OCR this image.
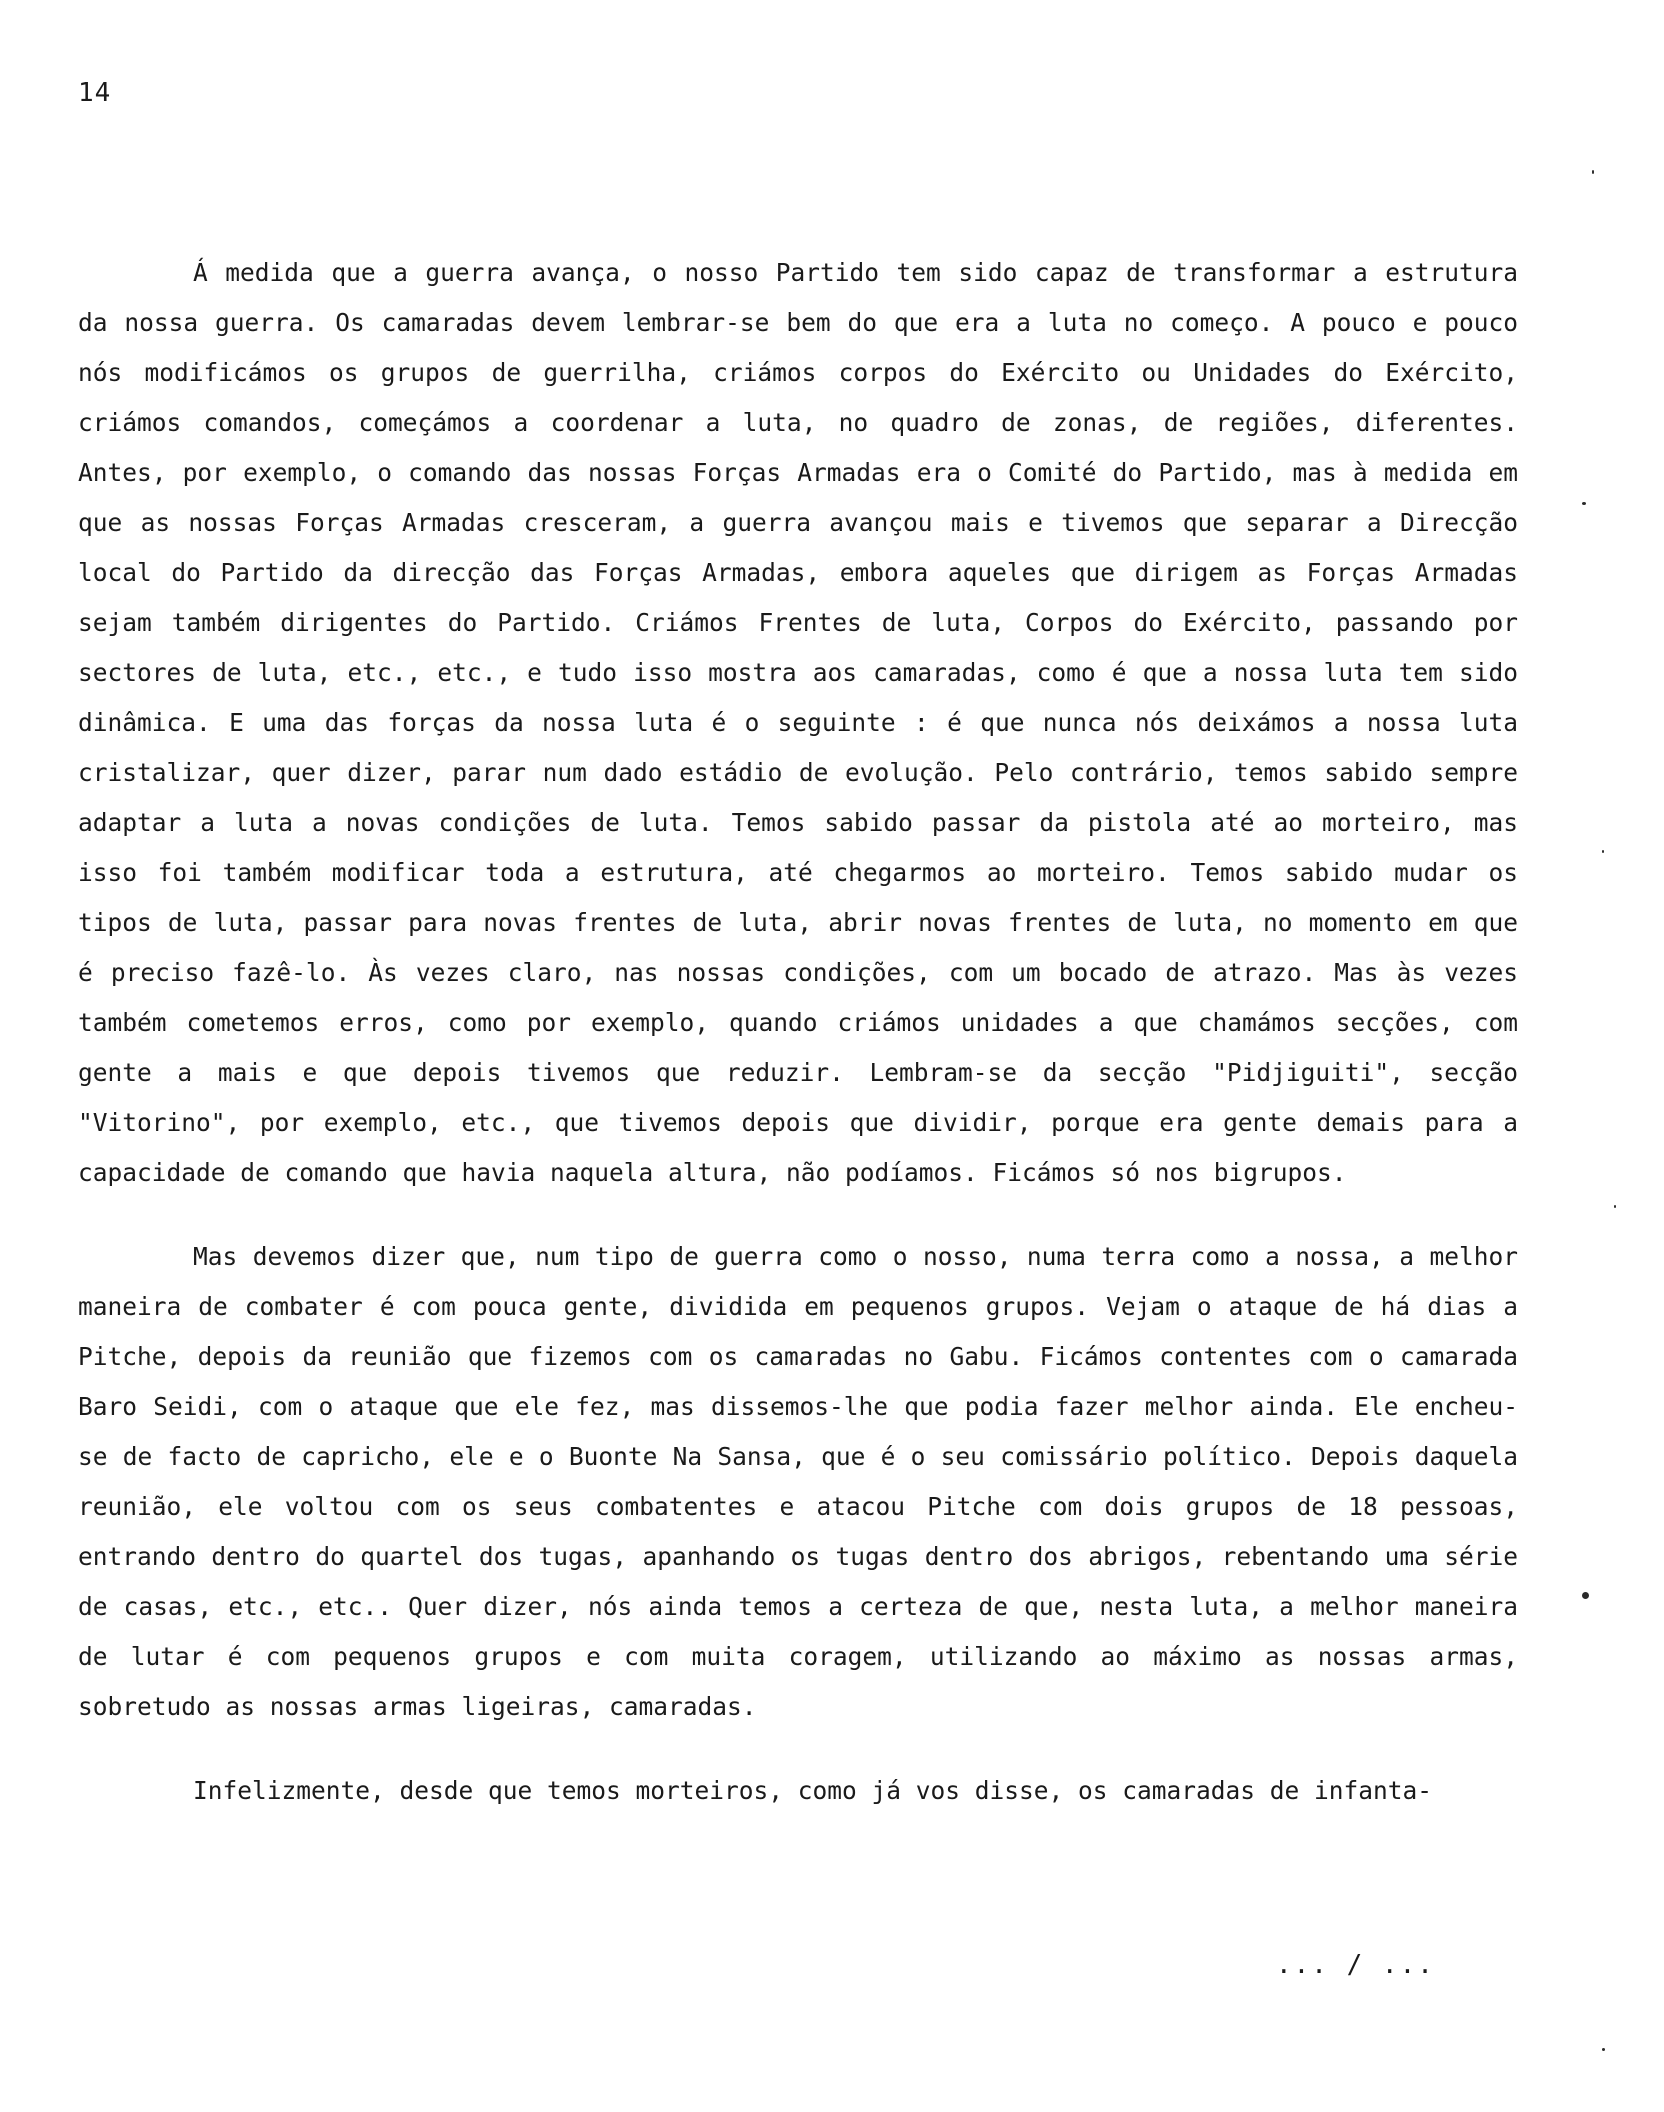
14

Á medida que a guerra avança, o nosso Partido tem sido capaz de transformar a estrutura da nossa guerra. Os camaradas devem lembrar-se bem do que era a luta no começo. A pouco e pouco nós modificámos os grupos de guerrilha, criámos corpos do Exército ou Unidades do Exército, criámos comandos, começámos a coordenar a luta, no quadro de zonas, de regiões, diferentes. Antes, por exemplo, o comando das nossas Forças Armadas era o Comité do Partido, mas à medida em que as nossas Forças Armadas cresceram, a guerra avançou mais e tivemos que separar a Direcção local do Partido da direcção das Forças Armadas, embora aqueles que dirigem as Forças Armadas sejam também dirigentes do Partido. Criámos Frentes de luta, Corpos do Exército, passando por sectores de luta, etc., etc., e tudo isso mostra aos camaradas, como é que a nossa luta tem sido dinâmica. E uma das forças da nossa luta é o seguinte : é que nunca nós deixámos a nossa luta cristalizar, quer dizer, parar num dado estádio de evolução. Pelo contrário, temos sabido sempre adaptar a luta a novas condições de luta. Temos sabido passar da pistola até ao morteiro, mas isso foi também modificar toda a estrutura, até chegarmos ao morteiro. Temos sabido mudar os tipos de luta, passar para novas frentes de luta, abrir novas frentes de luta, no momento em que é preciso fazê-lo. Às vezes claro, nas nossas condições, com um bocado de atrazo. Mas às vezes também cometemos erros, como por exemplo, quando criámos unidades a que chamámos secções, com gente a mais e que depois tivemos que reduzir. Lembram-se da secção "Pidjiguiti", secção "Vitorino", por exemplo, etc., que tivemos depois que dividir, porque era gente demais para a capacidade de comando que havia naquela altura, não podíamos. Ficámos só nos bigrupos.

Mas devemos dizer que, num tipo de guerra como o nosso, numa terra como a nossa, a melhor maneira de combater é com pouca gente, dividida em pequenos grupos. Vejam o ataque de há dias a Pitche, depois da reunião que fizemos com os camaradas no Gabu. Ficámos contentes com o camarada Baro Seidi, com o ataque que ele fez, mas dissemos-lhe que podia fazer melhor ainda. Ele encheu-se de facto de capricho, ele e o Buonte Na Sansa, que é o seu comissário político. Depois daquela reunião, ele voltou com os seus combatentes e atacou Pitche com dois grupos de 18 pessoas, entrando dentro do quartel dos tugas, apanhando os tugas dentro dos abrigos, rebentando uma série de casas, etc., etc.. Quer dizer, nós ainda temos a certeza de que, nesta luta, a melhor maneira de lutar é com pequenos grupos e com muita coragem, utilizando ao máximo as nossas armas, sobretudo as nossas armas ligeiras, camaradas.

Infelizmente, desde que temos morteiros, como já vos disse, os camaradas de infanta-

... / ...
